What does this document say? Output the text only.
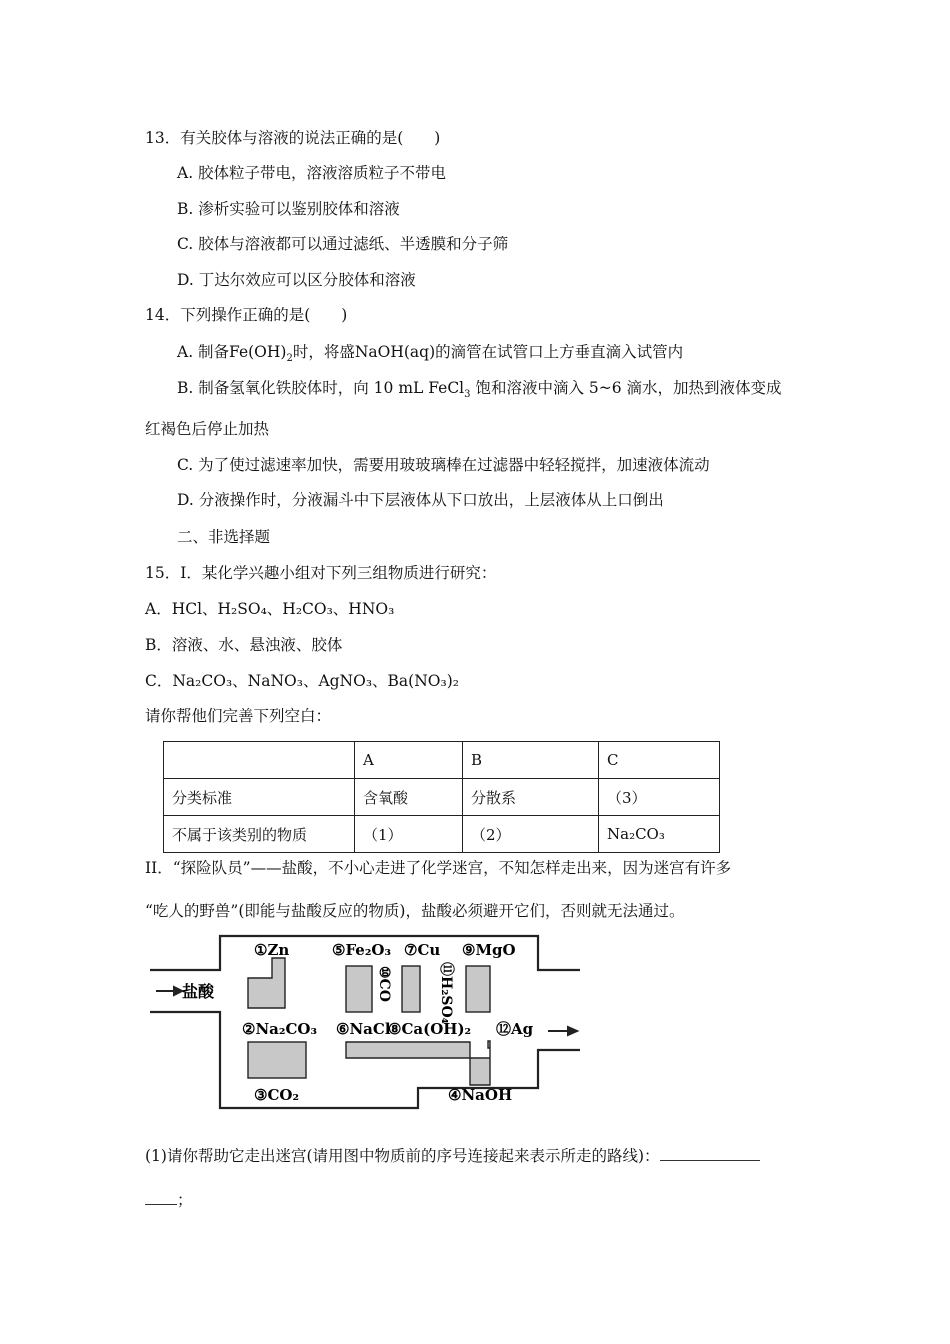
13．有关胶体与溶液的说法正确的是(　　)
A. 胶体粒子带电，溶液溶质粒子不带电
B. 渗析实验可以鉴别胶体和溶液
C. 胶体与溶液都可以通过滤纸、半透膜和分子筛
D. 丁达尔效应可以区分胶体和溶液
14．下列操作正确的是(　　)
A. 制备$Fe(OH)_2$时，将盛NaOH(aq)的滴管在试管口上方垂直滴入试管内
B. 制备氢氧化铁胶体时，向 10 mL FeCl$_3$ 饱和溶液中滴入 5~6 滴水，加热到液体变成
红褐色后停止加热
C. 为了使过滤速率加快，需要用玻玻璃棒在过滤器中轻轻搅拌，加速液体流动
D. 分液操作时，分液漏斗中下层液体从下口放出，上层液体从上口倒出
二、非选择题
15．I．某化学兴趣小组对下列三组物质进行研究：
A．HCl、H₂SO₄、H₂CO₃、HNO₃
B．溶液、水、悬浊液、胶体
C．Na₂CO₃、NaNO₃、AgNO₃、Ba(NO₃)₂
请你帮他们完善下列空白：
	A	B	C
分类标准	含氧酸	分散系	（3）
不属于该类别的物质	（1）	（2）	Na₂CO₃
II．“探险队员”——盐酸，不小心走进了化学迷宫，不知怎样走出来，因为迷宫有许多
“吃人的野兽”(即能与盐酸反应的物质)，盐酸必须避开它们，否则就无法通过。
盐酸
①Zn	⑤Fe₂O₃ ⑦Cu ⑨MgO
⑩CO	⑪H₂SO₄
②Na₂CO₃ ⑥NaCl
⑧Ca(OH)₂ ⑫Ag
③CO₂	④NaOH
(1)请你帮助它走出迷宫(请用图中物质前的序号连接起来表示所走的路线)：
；
